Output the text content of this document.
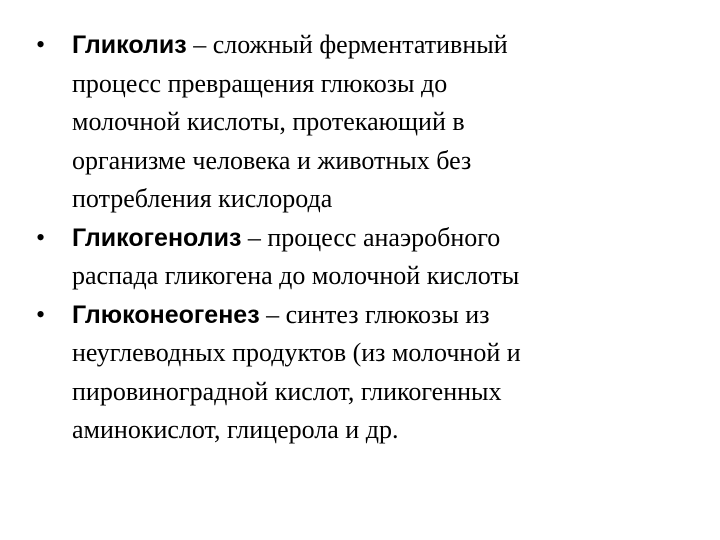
•	Гликолиз – сложный ферментативный
процесс превращения глюкозы до
молочной кислоты, протекающий в
организме человека и животных без
потребления кислорода

•	Гликогенолиз – процесс анаэробного
распада гликогена до молочной кислоты

•	Глюконеогенез – синтез глюкозы из
неуглеводных продуктов (из молочной и
пировиноградной кислот, гликогенных
аминокислот, глицерола и др.
